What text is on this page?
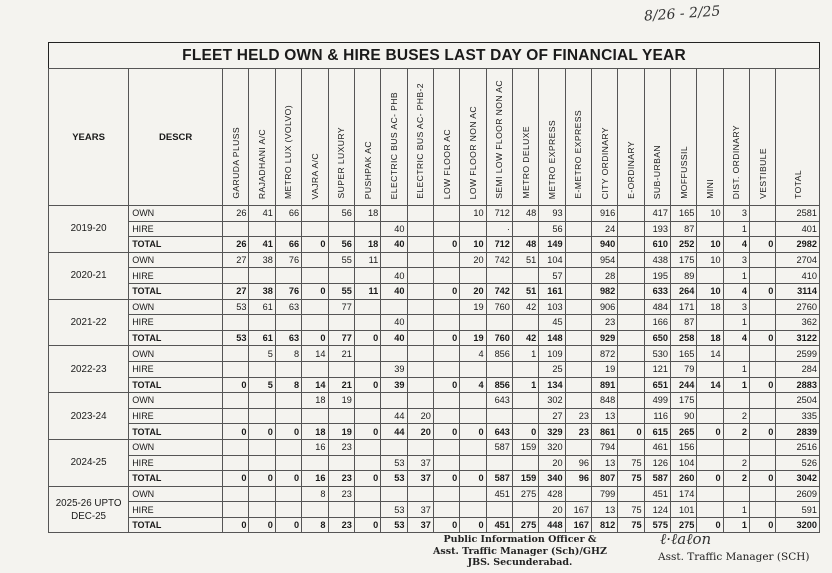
8/26 - 2/25
FLEET HELD OWN & HIRE BUSES LAST DAY OF FINANCIAL YEAR
YEARS	DESCR	GARUDA PLUSS	RAJADHANI A/C	METRO LUX (VOLVO)	VAJRA A/C	SUPER LUXURY	PUSHPAK AC	ELECTRIC BUS AC- PHB	ELECTRIC BUS AC- PHB-2	LOW FLOOR AC	LOW FLOOR NON AC	SEMI LOW FLOOR NON AC	METRO DELUXE	METRO EXPRESS	E-METRO EXPRESS	CITY ORDINARY	E-ORDINARY	SUB-URBAN	MOFFUSSIL	MINI	DIST. ORDINARY	VESTIBULE	TOTAL
2019-20	OWN	26	41	66		56	18				10	712	48	93		916		417	165	10	3		2581
	HIRE							40				·		56		24		193	87		1		401
	TOTAL	26	41	66	0	56	18	40		0	10	712	48	149		940		610	252	10	4	0	2982
2020-21	OWN	27	38	76		55	11				20	742	51	104		954		438	175	10	3		2704
	HIRE							40						57		28		195	89		1		410
	TOTAL	27	38	76	0	55	11	40		0	20	742	51	161		982		633	264	10	4	0	3114
2021-22	OWN	53	61	63		77					19	760	42	103		906		484	171	18	3		2760
	HIRE							40						45		23		166	87		1		362
	TOTAL	53	61	63	0	77	0	40		0	19	760	42	148		929		650	258	18	4	0	3122
2022-23	OWN		5	8	14	21					4	856	1	109		872		530	165	14			2599
	HIRE							39						25		19		121	79		1		284
	TOTAL	0	5	8	14	21	0	39		0	4	856	1	134		891		651	244	14	1	0	2883
2023-24	OWN				18	19						643		302		848		499	175				2504
	HIRE							44	20					27	23	13		116	90		2		335
	TOTAL	0	0	0	18	19	0	44	20	0	0	643	0	329	23	861	0	615	265	0	2	0	2839
2024-25	OWN				16	23						587	159	320		794		461	156				2516
	HIRE							53	37					20	96	13	75	126	104		2		526
	TOTAL	0	0	0	16	23	0	53	37	0	0	587	159	340	96	807	75	587	260	0	2	0	3042
2025-26 UPTO DEC-25	OWN				8	23						451	275	428		799		451	174				2609
	HIRE							53	37					20	167	13	75	124	101		1		591
	TOTAL	0	0	0	8	23	0	53	37	0	0	451	275	448	167	812	75	575	275	0	1	0	3200
Public Information Officer &
Asst. Traffic Manager (Sch)/GHZ
JBS. Secunderabad.
ℓ·ℓaℓon
Asst. Traffic Manager (SCH)
